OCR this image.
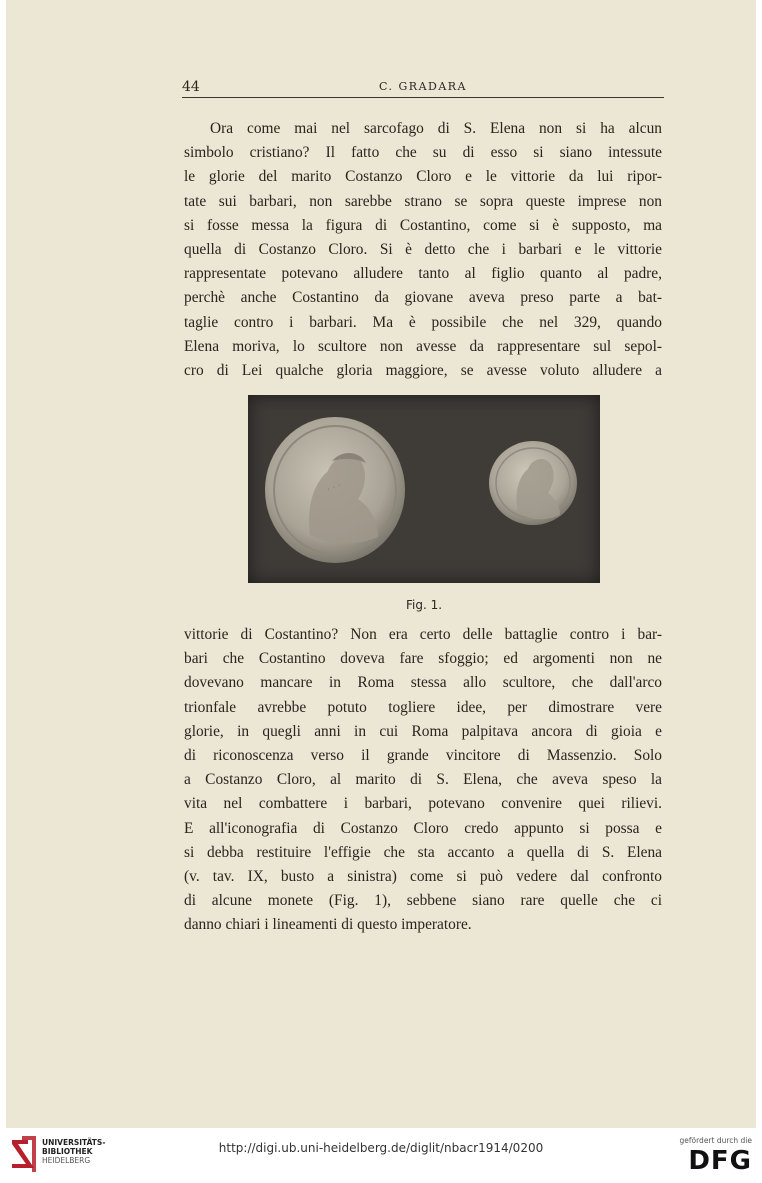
44	C. GRADARA
Ora come mai nel sarcofago di S. Elena non si ha alcun
simbolo cristiano? Il fatto che su di esso si siano intessute
le glorie del marito Costanzo Cloro e le vittorie da lui ripor-
tate sui barbari, non sarebbe strano se sopra queste imprese non
si fosse messa la figura di Costantino, come si è supposto, ma
quella di Costanzo Cloro. Si è detto che i barbari e le vittorie
rappresentate potevano alludere tanto al figlio quanto al padre,
perchè anche Costantino da giovane aveva preso parte a bat-
taglie contro i barbari. Ma è possibile che nel 329, quando
Elena moriva, lo scultore non avesse da rappresentare sul sepol-
cro di Lei qualche gloria maggiore, se avesse voluto alludere a
· · ·
Fig. 1.
vittorie di Costantino? Non era certo delle battaglie contro i bar-
bari che Costantino doveva fare sfoggio; ed argomenti non ne
dovevano mancare in Roma stessa allo scultore, che dall'arco
trionfale avrebbe potuto togliere idee, per dimostrare vere
glorie, in quegli anni in cui Roma palpitava ancora di gioia e
di riconoscenza verso il grande vincitore di Massenzio. Solo
a Costanzo Cloro, al marito di S. Elena, che aveva speso la
vita nel combattere i barbari, potevano convenire quei rilievi.
E all'iconografia di Costanzo Cloro credo appunto si possa e
si debba restituire l'effigie che sta accanto a quella di S. Elena
(v. tav. IX, busto a sinistra) come si può vedere dal confronto
di alcune monete (Fig. 1), sebbene siano rare quelle che ci
danno chiari i lineamenti di questo imperatore.
UNIVERSITÄTS-
BIBLIOTHEK
HEIDELBERG
http://digi.ub.uni-heidelberg.de/diglit/nbacr1914/0200
gefördert durch die
DFG
